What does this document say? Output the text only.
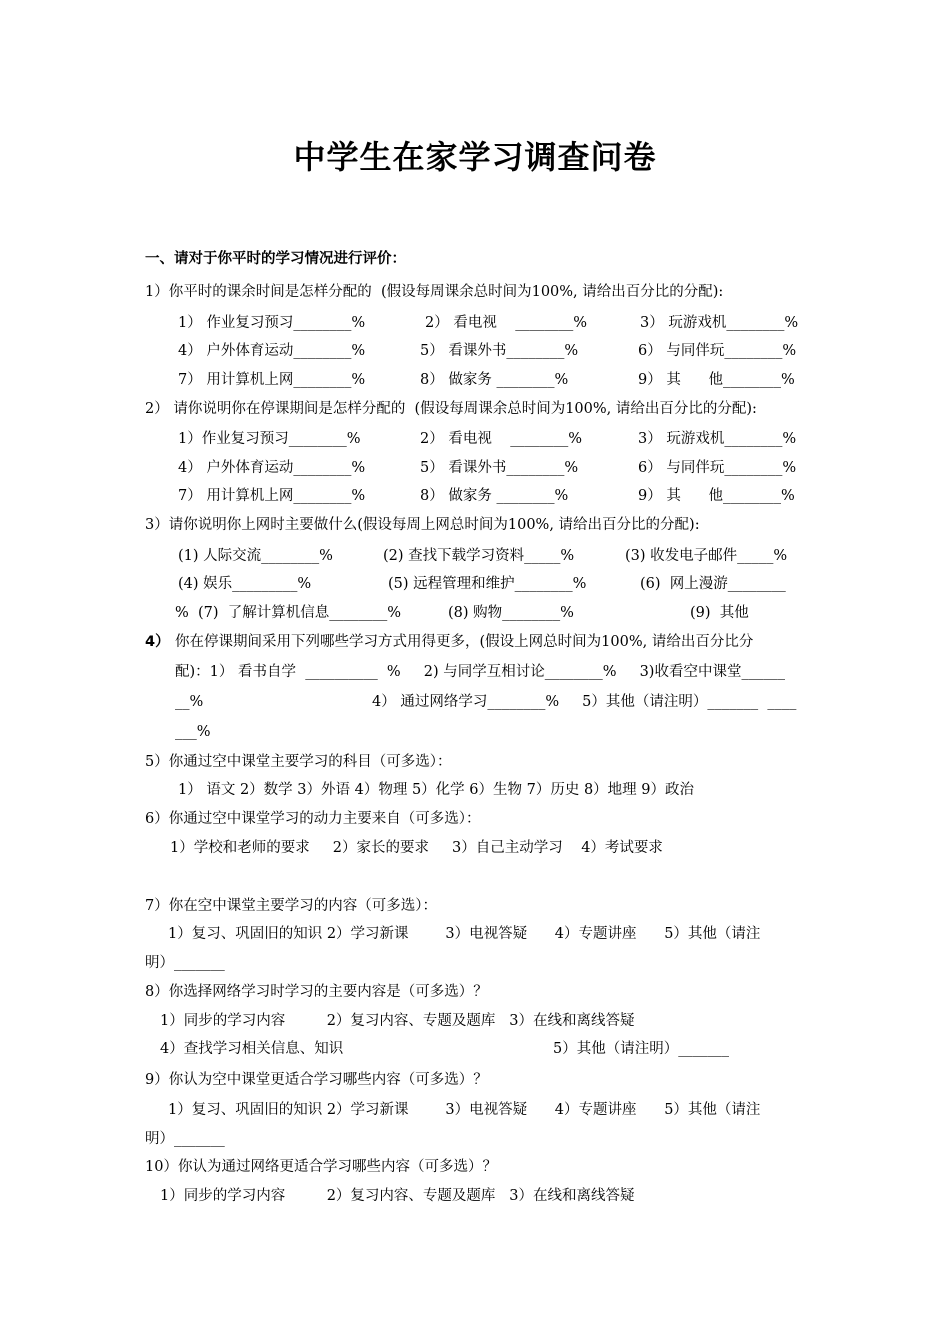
中学生在家学习调查问卷
一、请对于你平时的学习情况进行评价：
1）你平时的课余时间是怎样分配的  (假设每周课余总时间为100%, 请给出百分比的分配):
1） 作业复习预习________%	2） 看电视    ________%	3） 玩游戏机________%
4） 户外体育运动________%	5） 看课外书________%	6） 与同伴玩________%
7） 用计算机上网________%	8） 做家务 ________%	9） 其      他________%
2） 请你说明你在停课期间是怎样分配的  (假设每周课余总时间为100%, 请给出百分比的分配):
1）作业复习预习________%	2） 看电视    ________%	3） 玩游戏机________%
4） 户外体育运动________%	5） 看课外书________%	6） 与同伴玩________%
7） 用计算机上网________%	8） 做家务 ________%	9） 其      他________%
3）请你说明你上网时主要做什么(假设每周上网总时间为100%, 请给出百分比的分配):
(1) 人际交流________%	(2) 查找下载学习资料_____%	(3) 收发电子邮件_____%
(4) 娱乐_________%	(5) 远程管理和维护________%	(6)  网上漫游________
%  (7)  了解计算机信息________%	(8) 购物________%	(9)  其他
4） 你在停课期间采用下列哪些学习方式用得更多，(假设上网总时间为100%, 请给出百分比分
配)：1） 看书自学  __________  %     2) 与同学互相讨论________%     3)收看空中课堂______
__%	4） 通过网络学习________%     5）其他（请注明）_______  ____
___%
5）你通过空中课堂主要学习的科目（可多选）：
1） 语文 2）数学 3）外语 4）物理 5）化学 6）生物 7）历史 8）地理 9）政治
6）你通过空中课堂学习的动力主要来自（可多选）：
1）学校和老师的要求     2）家长的要求     3）自己主动学习    4）考试要求
7）你在空中课堂主要学习的内容（可多选）：
1）复习、巩固旧的知识 2）学习新课        3）电视答疑      4）专题讲座      5）其他（请注
明）_______
8）你选择网络学习时学习的主要内容是（可多选）？
1）同步的学习内容         2）复习内容、专题及题库   3）在线和离线答疑
4）查找学习相关信息、知识	5）其他（请注明）_______
9）你认为空中课堂更适合学习哪些内容（可多选）？
1）复习、巩固旧的知识 2）学习新课        3）电视答疑      4）专题讲座      5）其他（请注
明）_______
10）你认为通过网络更适合学习哪些内容（可多选）？
1）同步的学习内容         2）复习内容、专题及题库   3）在线和离线答疑
